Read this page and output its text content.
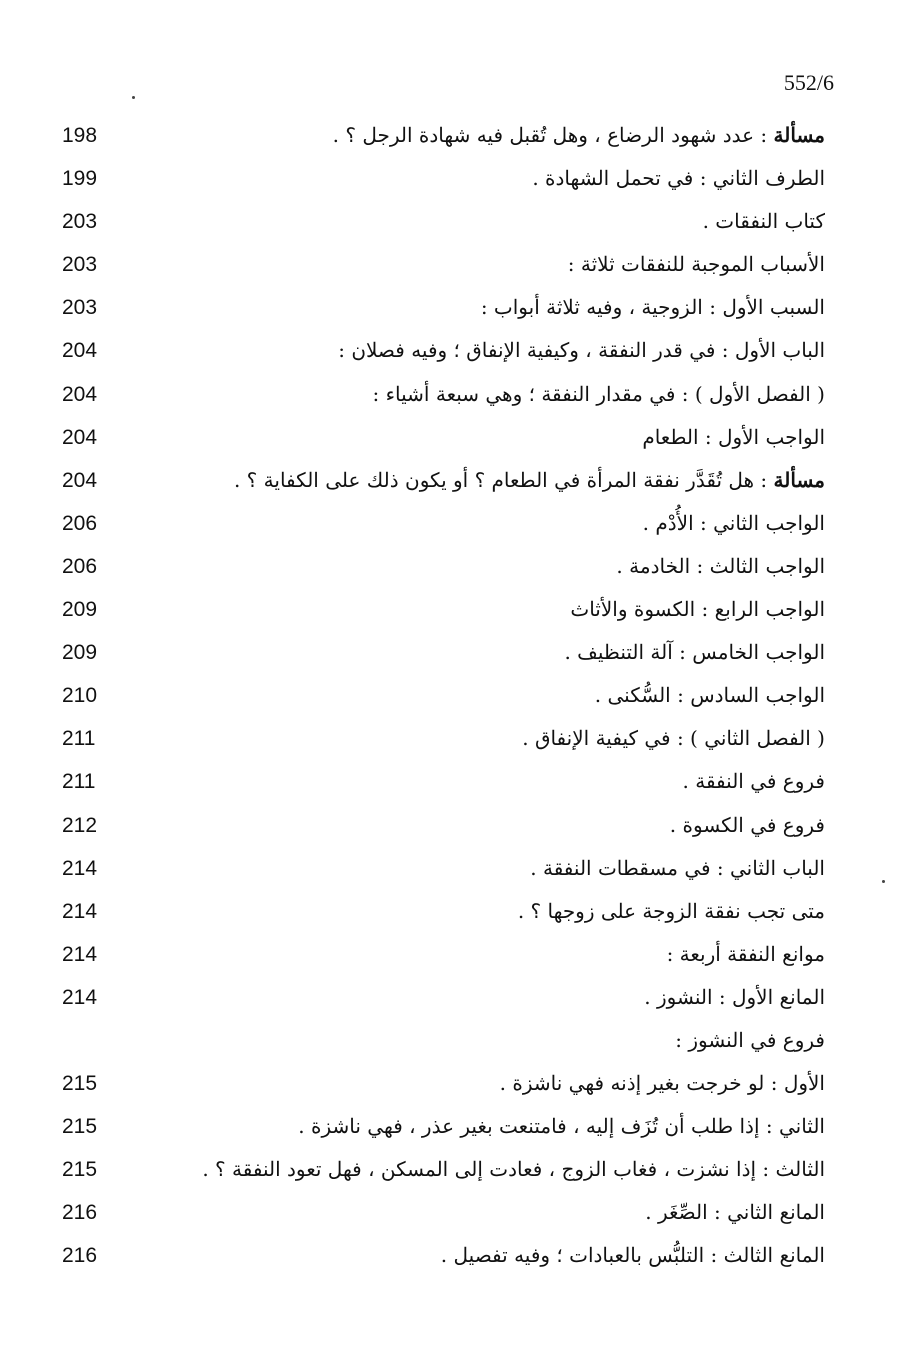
552/6
مسألة : عدد شهود الرضاع ، وهل تُقبل فيه شهادة الرجل ؟ .
198
الطرف الثاني : في تحمل الشهادة .
199
كتاب النفقات .
203
الأسباب الموجبة للنفقات ثلاثة :
203
السبب الأول : الزوجية ، وفيه ثلاثة أبواب :
203
الباب الأول : في قدر النفقة ، وكيفية الإنفاق ؛ وفيه فصلان :
204
( الفصل الأول ) : في مقدار النفقة ؛ وهي سبعة أشياء :
204
الواجب الأول : الطعام
204
مسألة : هل تُقَدَّر نفقة المرأة في الطعام ؟ أو يكون ذلك على الكفاية ؟ .
204
الواجب الثاني : الأُدْم .
206
الواجب الثالث : الخادمة .
206
الواجب الرابع : الكسوة والأثاث
209
الواجب الخامس : آلة التنظيف .
209
الواجب السادس : السُّكنى .
210
( الفصل الثاني ) : في كيفية الإنفاق .
211
فروع في النفقة .
211
فروع في الكسوة .
212
الباب الثاني : في مسقطات النفقة .
214
متى تجب نفقة الزوجة على زوجها ؟ .
214
موانع النفقة أربعة :
214
المانع الأول : النشوز .
214
فروع في النشوز :
الأول : لو خرجت بغير إذنه فهي ناشزة .
215
الثاني : إذا طلب أن تُزَف إليه ، فامتنعت بغير عذر ، فهي ناشزة .
215
الثالث : إذا نشزت ، فغاب الزوج ، فعادت إلى المسكن ، فهل تعود النفقة ؟ .
215
المانع الثاني : الصِّغَر .
216
المانع الثالث : التلبُّس بالعبادات ؛ وفيه تفصيل .
216
